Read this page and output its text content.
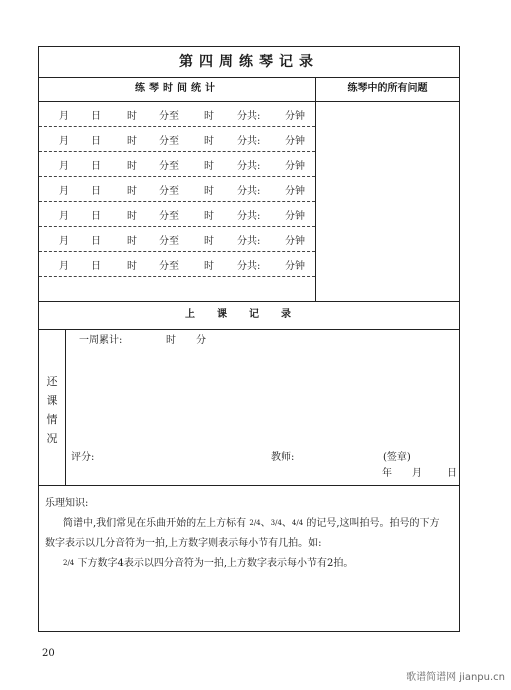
第四周练琴记录
练琴时间统计	练琴中的所有问题
月 日	时 分至	时 分共: 分钟
月 日	时 分至	时 分共: 分钟
月 日	时 分至	时 分共: 分钟
月 日	时 分至	时 分共: 分钟
月 日	时 分至	时 分共: 分钟
月 日	时 分至	时 分共: 分钟
月 日	时 分至	时 分共: 分钟
一周累计:	时 分
上课记录
还
课
情
况
评分:	教师:	(签章)
年 月	日
乐理知识:
简谱中,我们常见在乐曲开始的左上方标有 2/4、3/4、4/4 的记号,这叫拍号。拍号的下方
数字表示以几分音符为一拍,上方数字则表示每小节有几拍。如:
2/4 下方数字4表示以四分音符为一拍,上方数字表示每小节有2拍。
20
歌谱简谱网 jianpu.cn
